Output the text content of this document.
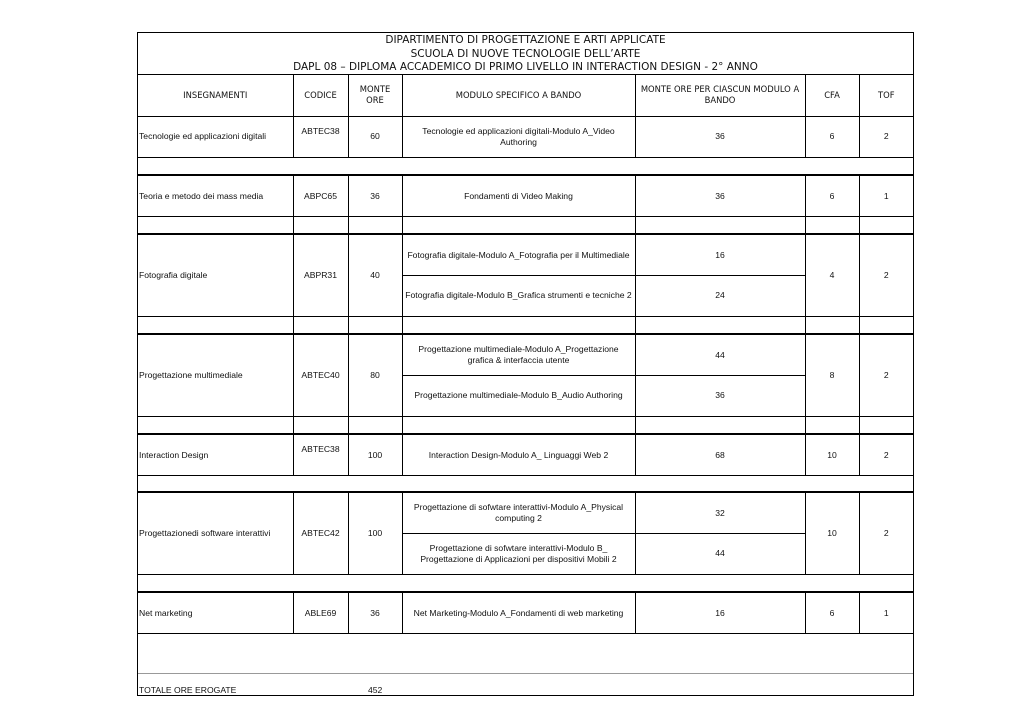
DIPARTIMENTO DI PROGETTAZIONE E ARTI APPLICATE
SCUOLA DI NUOVE TECNOLOGIE DELL’ARTE
DAPL 08 – DIPLOMA ACCADEMICO DI PRIMO LIVELLO IN INTERACTION DESIGN - 2° ANNO
INSEGNAMENTI	CODICE	MONTE ORE	MODULO SPECIFICO A BANDO	MONTE ORE PER CIASCUN MODULO A BANDO	CFA	TOF
Tecnologie ed applicazioni digitali	ABTEC38	60	Tecnologie ed applicazioni digitali-Modulo A_Video Authoring	36	6	2

Teoria e metodo dei mass media	ABPC65	36	Fondamenti di Video Making	36	6	1

Fotografia digitale	ABPR31	40	Fotografia digitale-Modulo A_Fotografia per il Multimediale	16	4	2
			Fotografia digitale-Modulo B_Grafica strumenti e tecniche 2	24		

Progettazione multimediale	ABTEC40	80	Progettazione multimediale-Modulo A_Progettazione grafica & interfaccia utente	44	8	2
			Progettazione multimediale-Modulo B_Audio Authoring	36		

Interaction Design	ABTEC38	100	Interaction Design-Modulo A_ Linguaggi Web 2	68	10	2

Progettazionedi software interattivi	ABTEC42	100	Progettazione di sofwtare interattivi-Modulo A_Physical computing 2	32	10	2
			Progettazione di sofwtare interattivi-Modulo B_ Progettazione di Applicazioni per dispositivi Mobili 2	44		

Net marketing	ABLE69	36	Net Marketing-Modulo A_Fondamenti di web marketing	16	6	1
TOTALE ORE EROGATE	452
